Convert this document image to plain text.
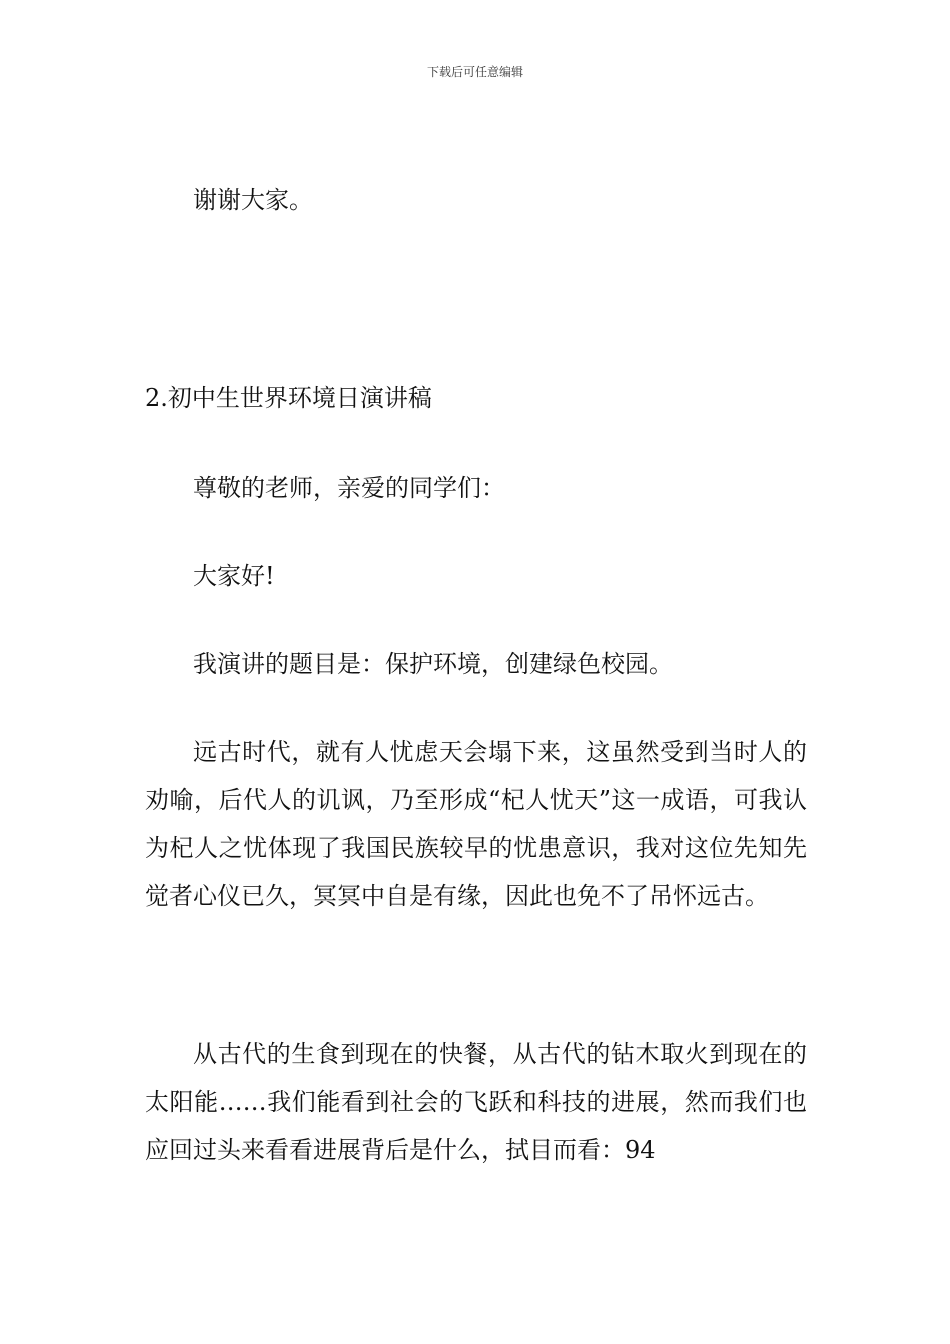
下载后可任意编辑

谢谢大家。

2.初中生世界环境日演讲稿

尊敬的老师，亲爱的同学们：

大家好!

我演讲的题目是：保护环境，创建绿色校园。

远古时代，就有人忧虑天会塌下来，这虽然受到当时人的劝喻，后代人的讥讽，乃至形成“杞人忧天”这一成语，可我认为杞人之忧体现了我国民族较早的忧患意识，我对这位先知先觉者心仪已久，冥冥中自是有缘，因此也免不了吊怀远古。

从古代的生食到现在的快餐，从古代的钻木取火到现在的太阳能……我们能看到社会的飞跃和科技的进展，然而我们也应回过头来看看进展背后是什么，拭目而看：94
